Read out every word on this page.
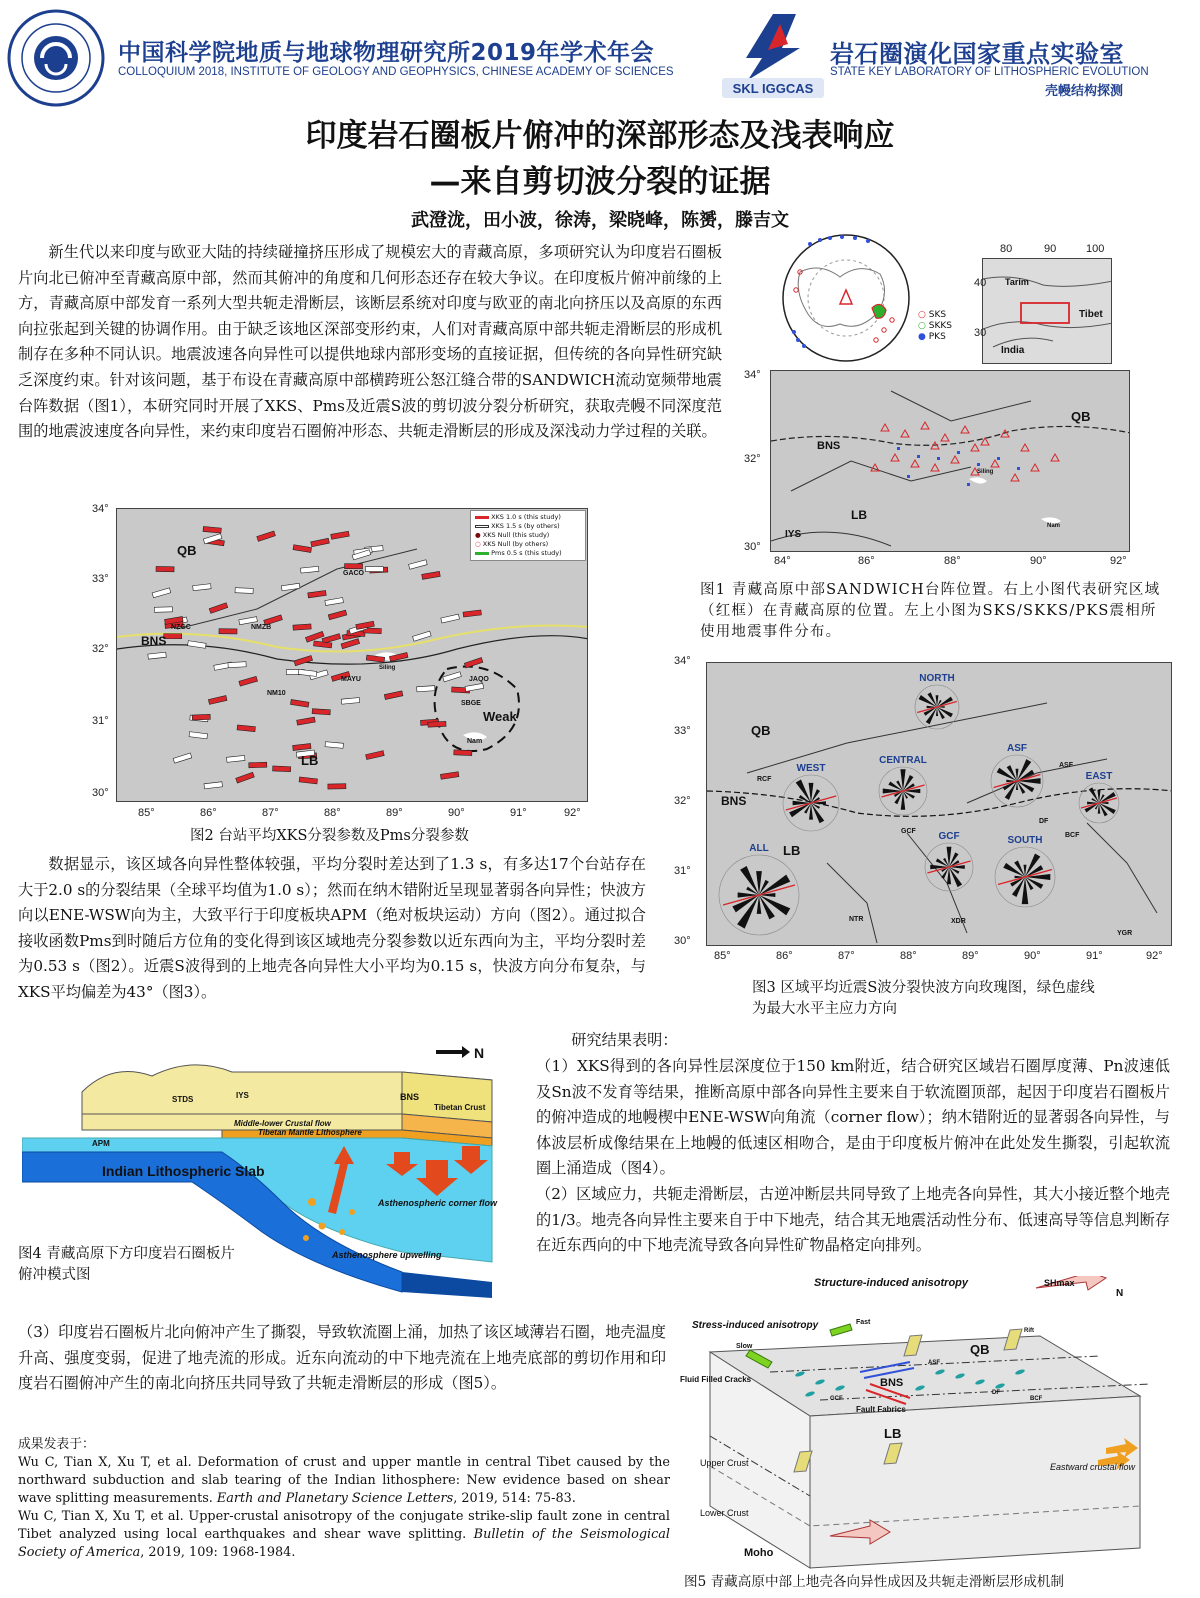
中国科学院地质与地球物理研究所2019年学术年会
COLLOQUIUM 2018, INSTITUTE OF GEOLOGY AND GEOPHYSICS, CHINESE ACADEMY OF SCIENCES
SKL IGGCAS
岩石圈演化国家重点实验室
STATE KEY LABORATORY OF LITHOSPHERIC EVOLUTION
壳幔结构探测
印度岩石圈板片俯冲的深部形态及浅表响应
—来自剪切波分裂的证据
武澄泷，田小波，徐涛，梁晓峰，陈赟，滕吉文
新生代以来印度与欧亚大陆的持续碰撞挤压形成了规模宏大的青藏高原，多项研究认为印度岩石圈板片向北已俯冲至青藏高原中部，然而其俯冲的角度和几何形态还存在较大争议。在印度板片俯冲前缘的上方，青藏高原中部发育一系列大型共轭走滑断层，该断层系统对印度与欧亚的南北向挤压以及高原的东西向拉张起到关键的协调作用。由于缺乏该地区深部变形约束，人们对青藏高原中部共轭走滑断层的形成机制存在多种不同认识。地震波速各向异性可以提供地球内部形变场的直接证据，但传统的各向异性研究缺乏深度约束。针对该问题，基于布设在青藏高原中部横跨班公怒江缝合带的SANDWICH流动宽频带地震台阵数据（图1），本研究同时开展了XKS、Pms及近震S波的剪切波分裂分析研究，获取壳幔不同深度范围的地震波速度各向异性，来约束印度岩石圈俯冲形态、共轭走滑断层的形成及深浅动力学过程的关联。
Tarim
Tibet
India
80	90	100
40
30
○ SKS
○ SKKS
● PKS
QB
BNS
LB
IYS
Siling
Nam
34°
32°
30°
84°	86°	88°	90°	92°
图1 青藏高原中部SANDWICH台阵位置。右上小图代表研究区域（红框）在青藏高原的位置。左上小图为SKS/SKKS/PKS震相所使用地震事件分布。
QB
GACO
NZGC	NMZB
BNS
Siling
MAYU
NM10
JAQO
SBGE
Weak
Nam
LB
XKS 1.0 s (this study)
XKS 1.5 s (by others)
● XKS Null (this study)
○ XKS Null (by others)
Pms 0.5 s (this study)
34°
33°
32°
31°
30°
85°	86°	87°	88°	89°	90°	91°	92°
图2 台站平均XKS分裂参数及Pms分裂参数
数据显示，该区域各向异性整体较强，平均分裂时差达到了1.3 s，有多达17个台站存在大于2.0 s的分裂结果（全球平均值为1.0 s）；然而在纳木错附近呈现显著弱各向异性；快波方向以ENE-WSW向为主，大致平行于印度板块APM（绝对板块运动）方向（图2）。通过拟合接收函数Pms到时随后方位角的变化得到该区域地壳分裂参数以近东西向为主，平均分裂时差为0.53 s（图2）。近震S波得到的上地壳各向异性大小平均为0.15 s，快波方向分布复杂，与XKS平均偏差为43°（图3）。
NORTH
WEST
CENTRAL
ASF
EAST
GCF	SOUTH
ALL
QB
RCF
BNS
LB
ASF
DF
BCF
GCF
YGR
XDR
NTR
34°
33°
32°
31°
30°
85°	86°	87°	88°	89°	90°	91°	92°
图3 区域平均近震S波分裂快波方向玫瑰图，绿色虚线为最大水平主应力方向
N
STDS	IYS	BNS
Tibetan Crust
Middle-lower Crustal flow
Tibetan Mantle Lithosphere
Asthenospheric corner flow
Indian Lithospheric Slab
Asthenosphere upwelling
APM
图4 青藏高原下方印度岩石圈板片俯冲模式图
研究结果表明：
（1）XKS得到的各向异性层深度位于150 km附近，结合研究区域岩石圈厚度薄、Pn波速低及Sn波不发育等结果，推断高原中部各向异性主要来自于软流圈顶部，起因于印度岩石圈板片的俯冲造成的地幔楔中ENE-WSW向角流（corner flow）；纳木错附近的显著弱各向异性，与体波层析成像结果在上地幔的低速区相吻合，是由于印度板片俯冲在此处发生撕裂，引起软流圈上涌造成（图4）。
（2）区域应力，共轭走滑断层，古逆冲断层共同导致了上地壳各向异性，其大小接近整个地壳的1/3。地壳各向异性主要来自于中下地壳，结合其无地震活动性分布、低速高导等信息判断存在近东西向的中下地壳流导致各向异性矿物晶格定向排列。
（3）印度岩石圈板片北向俯冲产生了撕裂，导致软流圈上涌，加热了该区域薄岩石圈，地壳温度升高、强度变弱，促进了地壳流的形成。近东向流动的中下地壳流在上地壳底部的剪切作用和印度岩石圈俯冲产生的南北向挤压共同导致了共轭走滑断层的形成（图5）。
成果发表于：
Wu C, Tian X, Xu T, et al. Deformation of crust and upper mantle in central Tibet caused by the northward subduction and slab tearing of the Indian lithosphere: New evidence based on shear wave splitting measurements. Earth and Planetary Science Letters, 2019, 514: 75-83.
Wu C, Tian X, Xu T, et al. Upper-crustal anisotropy of the conjugate strike-slip fault zone in central Tibet analyzed using local earthquakes and shear wave splitting. Bulletin of the Seismological Society of America, 2019, 109: 1968-1984.
Structure-induced anisotropy
Stress-induced anisotropy
SHmax
N
Fast
Slow
Fluid Filled Cracks
Fault Fabrics
QB
BNS
LB
Rift
Eastward crustal flow
Upper Crust
Lower Crust
Moho
ASF
DF
BCF
GCF
图5 青藏高原中部上地壳各向异性成因及共轭走滑断层形成机制
